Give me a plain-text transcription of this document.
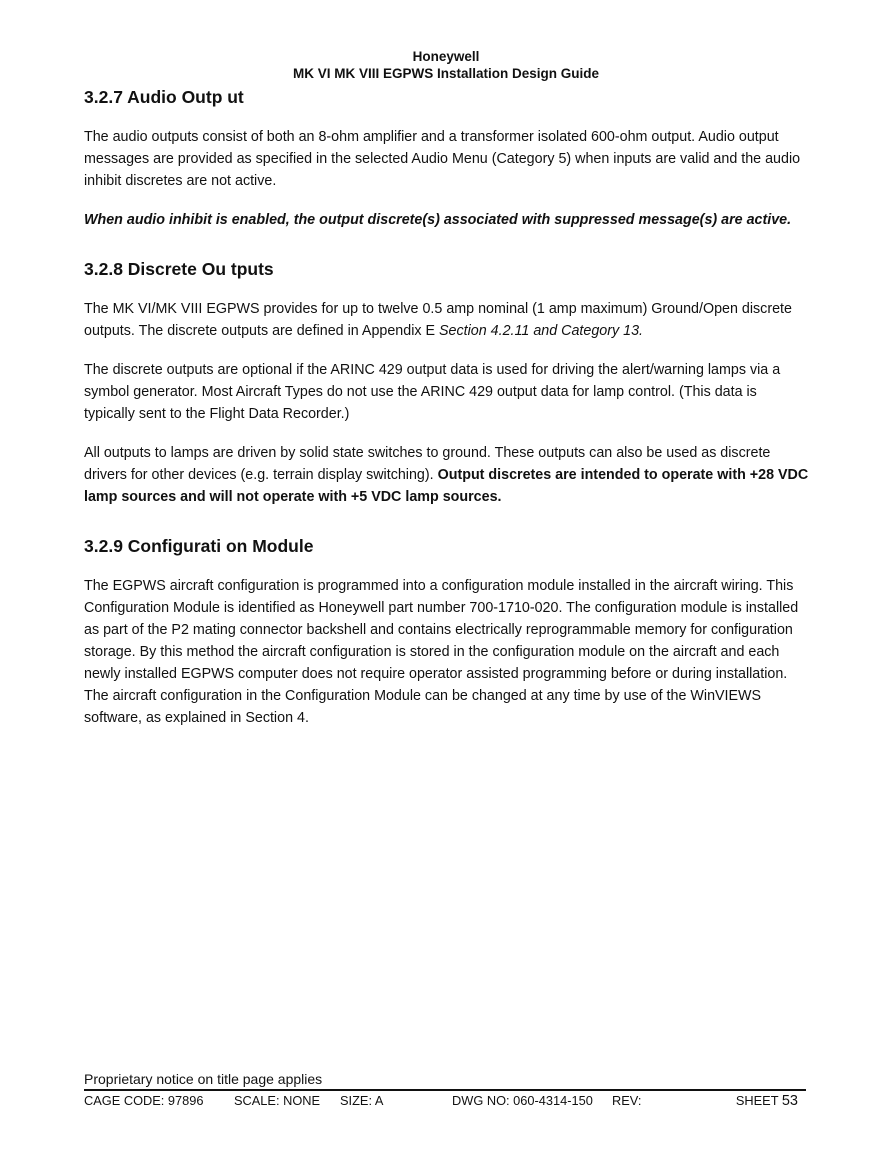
Honeywell
MK VI MK VIII EGPWS Installation Design Guide
3.2.7 Audio Outp ut

The audio outputs consist of both an 8-ohm amplifier and a transformer isolated 600-ohm output. Audio output messages are provided as specified in the selected Audio Menu (Category 5) when inputs are valid and the audio inhibit discretes are not active.

When audio inhibit is enabled, the output discrete(s) associated with suppressed message(s) are active.

3.2.8 Discrete Ou tputs

The MK VI/MK VIII EGPWS provides for up to twelve 0.5 amp nominal (1 amp maximum) Ground/Open discrete outputs. The discrete outputs are defined in Appendix E Section 4.2.11 and Category 13.

The discrete outputs are optional if the ARINC 429 output data is used for driving the alert/warning lamps via a symbol generator. Most Aircraft Types do not use the ARINC 429 output data for lamp control. (This data is typically sent to the Flight Data Recorder.)

All outputs to lamps are driven by solid state switches to ground. These outputs can also be used as discrete drivers for other devices (e.g. terrain display switching). Output discretes are intended to operate with +28 VDC lamp sources and will not operate with +5 VDC lamp sources.

3.2.9 Configurati on Module

The EGPWS aircraft configuration is programmed into a configuration module installed in the aircraft wiring. This Configuration Module is identified as Honeywell part number 700-1710-020. The configuration module is installed as part of the P2 mating connector backshell and contains electrically reprogrammable memory for configuration storage. By this method the aircraft configuration is stored in the configuration module on the aircraft and each newly installed EGPWS computer does not require operator assisted programming before or during installation. The aircraft configuration in the Configuration Module can be changed at any time by use of the WinVIEWS software, as explained in Section 4.

Proprietary notice on title page applies
CAGE CODE: 97896 SCALE: NONE SIZE: A	DWG NO: 060-4314-150 REV:	SHEET 53
